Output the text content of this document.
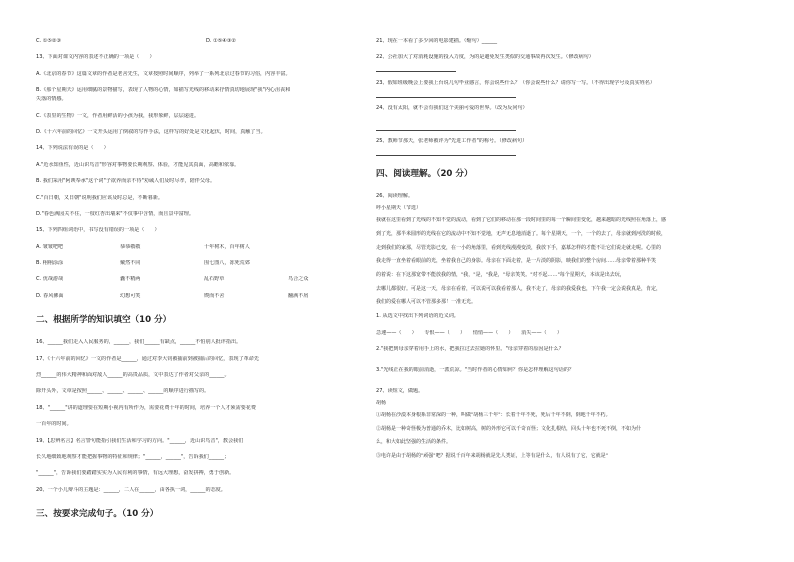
C. ①⑤②③	D. ①⑤④③②
13、下面对课文内容的表述不正确的一项是（　　）
A.《北京的春节》这篇文章的作者是老舍先生，文章按照时间顺序，列举了一系列北京过春节的习俗，内容丰富。
B.《那个星期天》运用细腻的景物描写，表现了人物的心情，如描写光线的移动来抒情真切地展现"我"内心沮丧和
失落的情感。
C.《表里的生物》一文，作者用鲜活的小孩为我，我形象鲜，层层递进。
D.《十六年前的回忆》一文开头运用了倒叙的写作手法，这样写的好处是文化起伏，时间，真触了当。
14、下列说法有误的是（　　）
A."近水知鱼性，近山识鸟音"形容对事物要长期观察、体验，才能见其真面，高瞻和依靠。
B. 我们采用"阿谀奉承"这个词"子欲养而亲不待"劝诫人们及时尽孝，陪伴父母。
C."百日朝，又日朝"说明我们应该及时总是，不断暮新。
D."春色满园关不住，一枝红杏出墙来"不仅事中含情，而且景中富理。
15、下列四组词语中，书写没有错误的一项是（　　）
A. 皱皱吧吧	恭恭敬敬	十年树木，百年树人
B. 栩栩涂涂	戴然不同	围七图八，冻死荒郊
C. 优哉游哉	囊不精两	乱石野草	鸟合之众
D. 春风佛面	幻想可笑	锲而不舍	翻满不屑
二、根据所学的知识填空（10 分）
16、______我们走入人民服务的，______，我们______有缺点，______不怕别人批评指出。
17、《十六年前的回忆》一文的作者是______，通过对李大钊被捕前到被捕后的回忆，表现了革命先
烈______的伟大精神和面对敌人______的高贵品质，文中表达了作者对父亲的______。
除开头外，文章是按照______、______、______、______的顺序进行描写的。
18、"______"讲的道理要在短期小视内有所作为，需要花费十年的时间，培养一个人才须需要花费
一百年的时间。
19、【思辨名言】名言警句能指引我们生活和学习的方向。"______，近山识鸟音"，教会我们
长久地细致地观察才能把握事物的特征和规律；"______，______"，告诉我们______；
"______"，告诉我们要踏踏实实为人民有利的事情，有远大理想，奋发拼搏，勇于创新。
20、一个小儿辩斗的主题是：______，二人在______，由各执一词，______的态度。
三、按要求完成句子。（10 分）
21、现在一本看了多少回的电影建描。（缩句）______
22、公社加大了对消耗设施的投入力度，为的是避免发生类似的交通事故再次发生。（修改病句）
23、假如班级晚会上要我上台说几句毕业感言，你会说些什么？（你会说些什么？请你写一写。（不得出现学号及真实姓名）
24、没有太阳，就不会有我们这个美丽可爱的世界。（改为反问句）
25、教师节那天，张老师被评为"先进工作者"的称号。（修改病句）
四、阅读理解。（20 分）
26、阅读理解。
呼小星期天（节选）
我就在这里看到了光线的不知不觉的流动，看到了它们的移动在那一段时间里的每一个瞬间里变化，越来越暗的光线照在角落上，感
到了光，那半米圆形的光线在它的流动中不知不觉地，无声无息地消逝了。每个星期天，一个，一个的去了，母亲就到河洗的时候，
走到我们的家那，尽管光影已变，在一小的角落里，看到光线漫漫变淡，我放下手，嘉慕怎样的才能不让它们说走就走呢。心里的
我走得一直坐着看眼前的光，坐着我自己的身影。母亲在下面走着，是一片淡的阴影，映我们的整个房间……母亲带着那种半笑
的着说：在下这那宽带不能放我的情，"我，"是，"我是，"母亲笑笑。"对不起……"每个星期天，本该是出去玩，
去哪儿都很好。可是这一天，母亲在看着，可以说可以我看着那人，我不走了，母亲的我爱我也，下午我一定会说我真是，肯定，
我们的爱在哪人可以不管那多那！一准无光。
1. 从选文中找出下列词语的近义词。
急速——（　　）　　专恨——（　　）　　悄悄——（　　）　　消失——（　　）
2."我把到母亲穿着用手上的水，把我拉过去拉她的怀里。"母亲穿着的原因是什么？
3."光线正在我的眼前消逝，一派荒凉。"当时作者的心情如何？你是怎样理解这句话的？
27、读短文，做题。
胡杨
①胡杨在沙漠本身根系非常深的一种，叫做"胡杨三千年"：长着千年不死，死后千年不倒，倒地千年不朽。
②胡杨是一种奇怪极为普通的乔木，比如树高，树的外形它可以千奇百怪；文化扎根结，回头十年也不死不倒，不如为什
么，和大如此坚强的生活的条件。
③电许是由于胡杨的"顽强"吧？据说千百年来胡杨就是先人类证，上等有是什么，有人说有了它，它就是"
